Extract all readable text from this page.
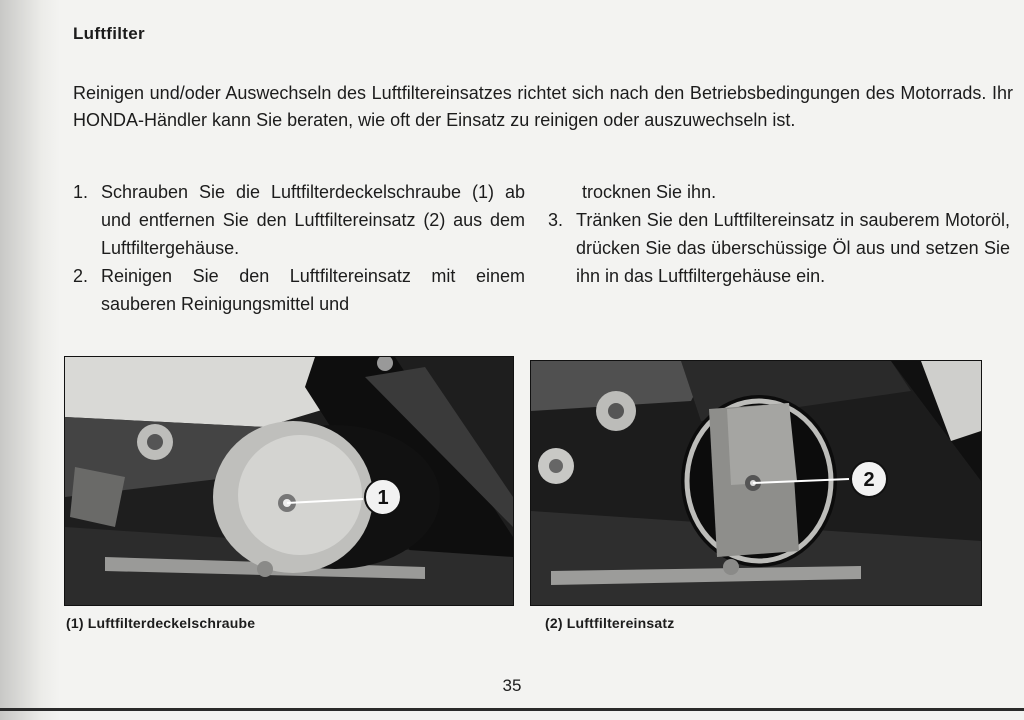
Luftfilter
Reinigen und/oder Auswechseln des Luftfiltereinsatzes richtet sich nach den Betriebsbedingungen des Motorrads. Ihr HONDA-Händler kann Sie beraten, wie oft der Einsatz zu reinigen oder auszuwechseln ist.
1. Schrauben Sie die Luftfilterdeckelschraube (1) ab und entfernen Sie den Luftfiltereinsatz (2) aus dem Luftfiltergehäuse.
2. Reinigen Sie den Luftfiltereinsatz mit einem sauberen Reinigungsmittel und
trocknen Sie ihn.
3. Tränken Sie den Luftfiltereinsatz in sauberem Motoröl, drücken Sie das überschüssige Öl aus und setzen Sie ihn in das Luftfiltergehäuse ein.
1
2
(1) Luftfilterdeckelschraube	(2) Luftfiltereinsatz
35
